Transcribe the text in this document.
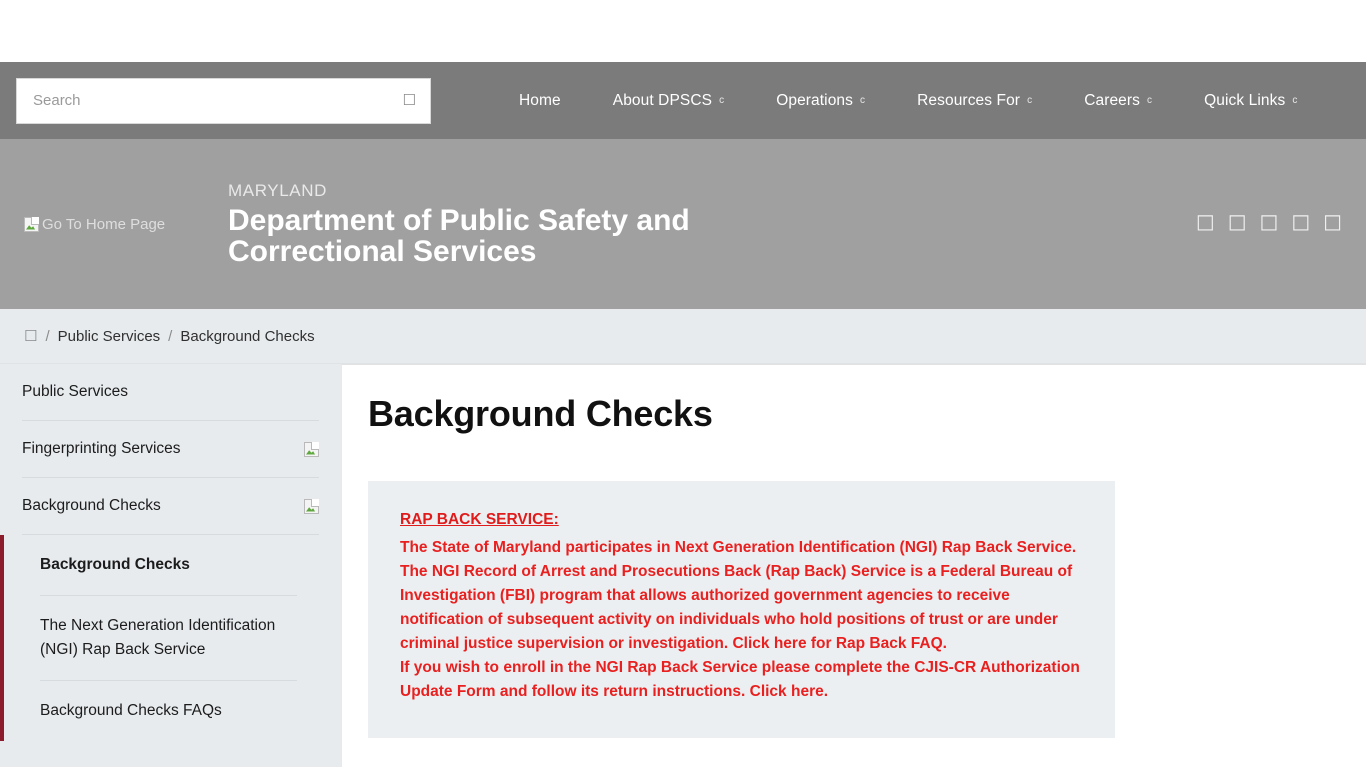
Search
☐	Home	About DPSCS c	Operations c	Resources For c	Careers c	Quick Links c
Go To Home Page
MARYLAND
Department of Public Safety and Correctional Services
☐ ☐ ☐ ☐ ☐
☐ / Public Services / Background Checks
Public Services
Fingerprinting Services
Background Checks
Background Checks
The Next Generation Identification (NGI) Rap Back Service
Background Checks FAQs
Background Checks
RAP BACK SERVICE:

The State of Maryland participates in Next Generation Identification (NGI) Rap Back Service. The NGI Record of Arrest and Prosecutions Back (Rap Back) Service is a Federal Bureau of Investigation (FBI) program that allows authorized government agencies to receive notification of subsequent activity on individuals who hold positions of trust or are under criminal justice supervision or investigation. Click here for Rap Back FAQ.

If you wish to enroll in the NGI Rap Back Service please complete the CJIS-CR Authorization Update Form and follow its return instructions. Click here.
